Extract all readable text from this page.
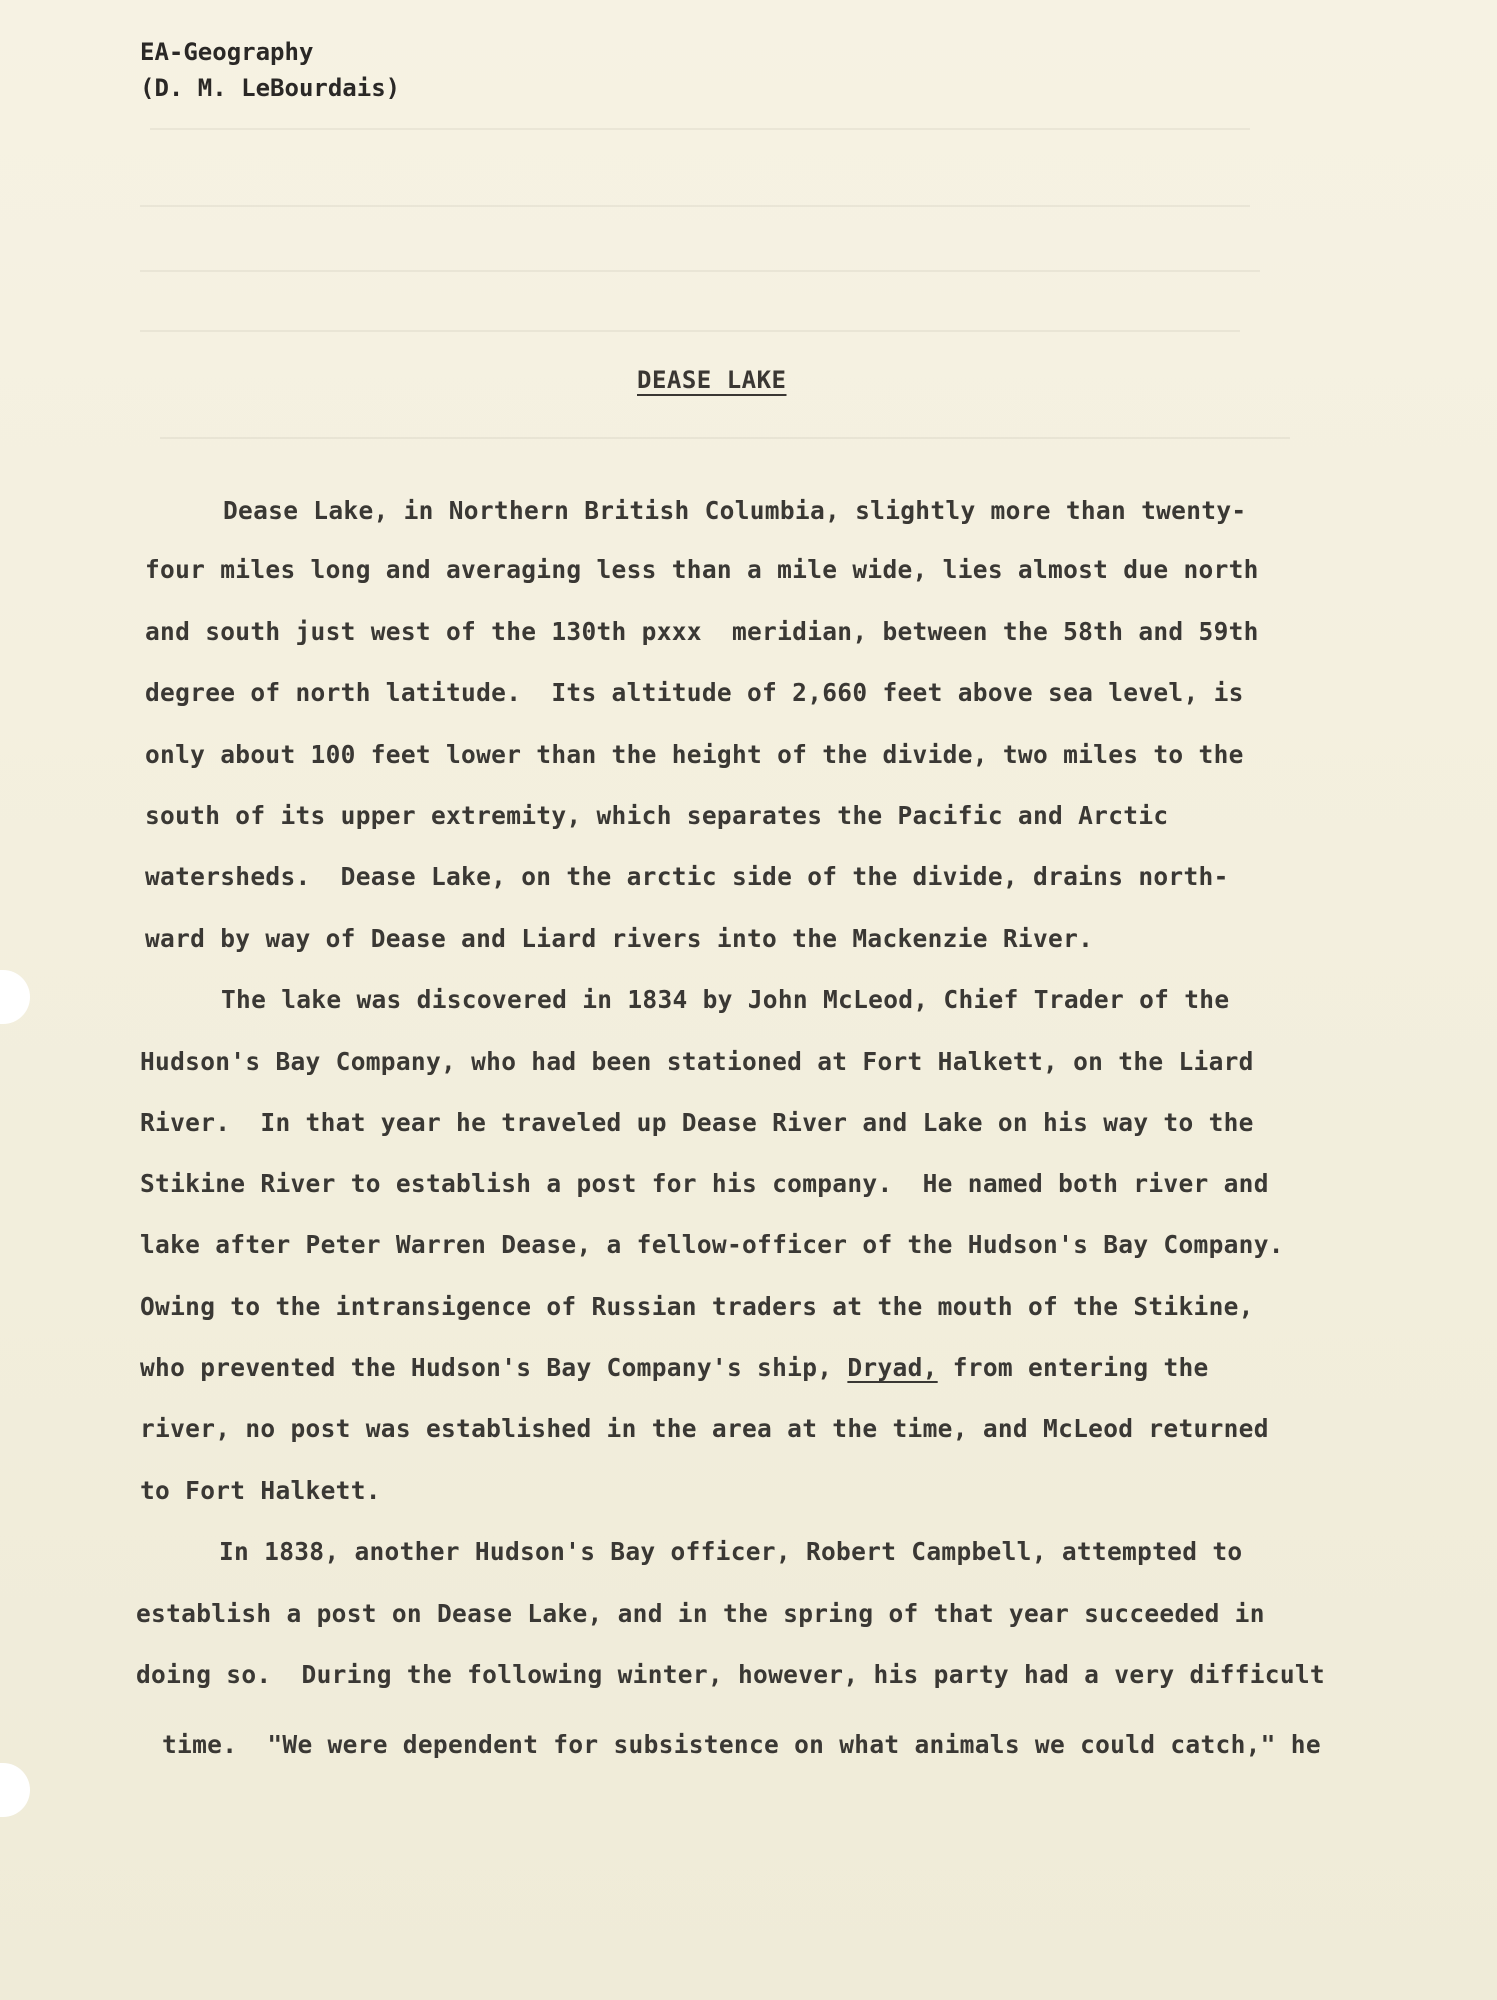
EA-Geography
(D. M. LeBourdais)
DEASE LAKE
Dease Lake, in Northern British Columbia, slightly more than twenty-
four miles long and averaging less than a mile wide, lies almost due north
and south just west of the 130th pxxx  meridian, between the 58th and 59th
degree of north latitude.  Its altitude of 2,660 feet above sea level, is
only about 100 feet lower than the height of the divide, two miles to the
south of its upper extremity, which separates the Pacific and Arctic
watersheds.  Dease Lake, on the arctic side of the divide, drains north-
ward by way of Dease and Liard rivers into the Mackenzie River.
The lake was discovered in 1834 by John McLeod, Chief Trader of the
Hudson's Bay Company, who had been stationed at Fort Halkett, on the Liard
River.  In that year he traveled up Dease River and Lake on his way to the
Stikine River to establish a post for his company.  He named both river and
lake after Peter Warren Dease, a fellow-officer of the Hudson's Bay Company.
Owing to the intransigence of Russian traders at the mouth of the Stikine,
who prevented the Hudson's Bay Company's ship, Dryad, from entering the
river, no post was established in the area at the time, and McLeod returned
to Fort Halkett.
In 1838, another Hudson's Bay officer, Robert Campbell, attempted to
establish a post on Dease Lake, and in the spring of that year succeeded in
doing so.  During the following winter, however, his party had a very difficult
time.  "We were dependent for subsistence on what animals we could catch," he
